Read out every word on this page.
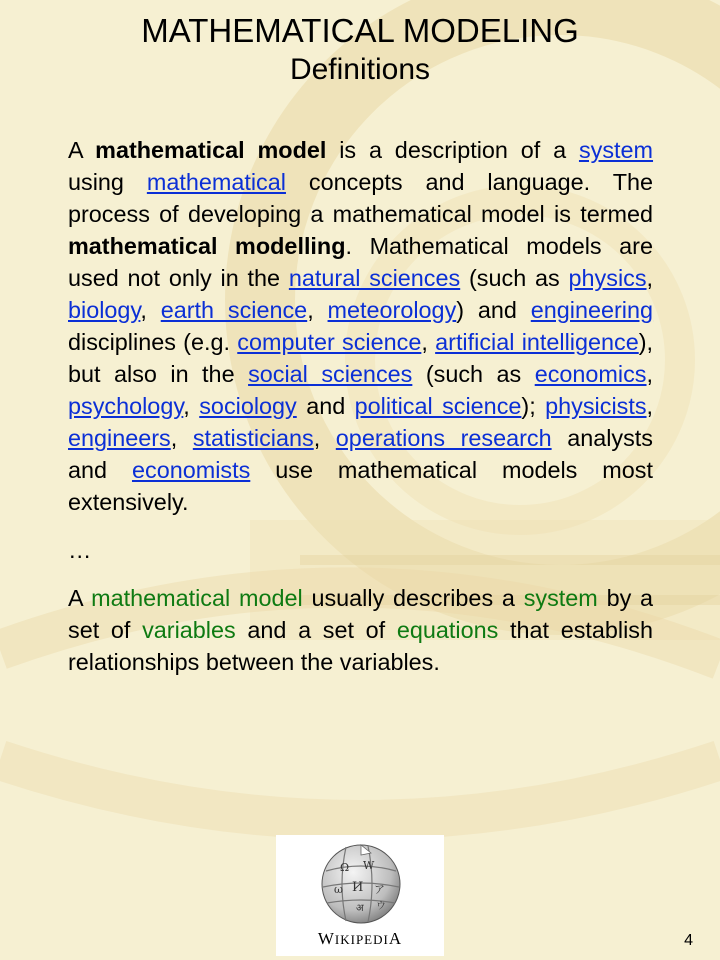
MATHEMATICAL MODELING
Definitions

A mathematical model is a description of a system using mathematical concepts and language. The process of developing a mathematical model is termed mathematical modelling. Mathematical models are used not only in the natural sciences (such as physics, biology, earth science, meteorology) and engineering disciplines (e.g. computer science, artificial intelligence), but also in the social sciences (such as economics, psychology, sociology and political science); physicists, engineers, statisticians, operations research analysts and economists use mathematical models most extensively.

…

A mathematical model usually describes a system by a set of variables and a set of equations that establish relationships between the variables.

Ω W
И ア
ω
अ ウ
WIKIPEDIA	4
